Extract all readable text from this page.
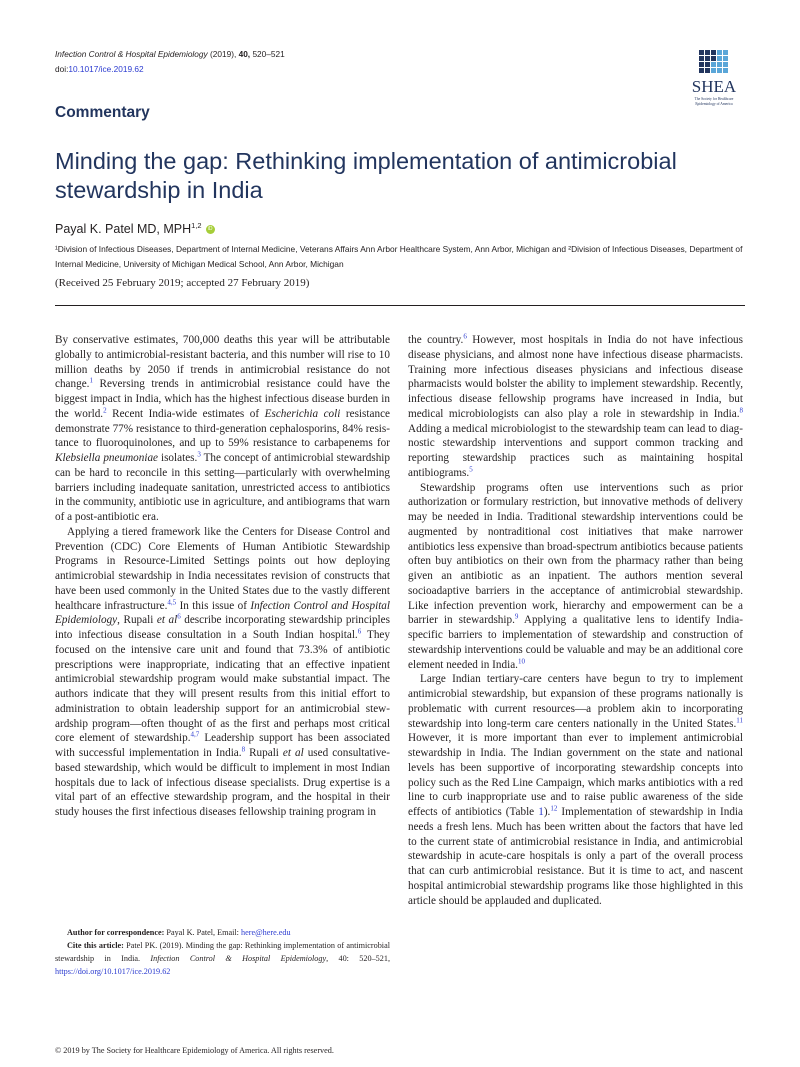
Infection Control & Hospital Epidemiology (2019), 40, 520–521
doi:10.1017/ice.2019.62
SHEA
The Society for Healthcare
Epidemiology of America
Commentary
Minding the gap: Rethinking implementation of antimicrobial stewardship in India
Payal K. Patel MD, MPH$^{1,2}$ iD
¹Division of Infectious Diseases, Department of Internal Medicine, Veterans Affairs Ann Arbor Healthcare System, Ann Arbor, Michigan and ²Division of Infectious Diseases, Department of Internal Medicine, University of Michigan Medical School, Ann Arbor, Michigan
(Received 25 February 2019; accepted 27 February 2019)

By conservative estimates, 700,000 deaths this year will be attributable globally to antimicrobial-resistant bacteria, and this number will rise to 10 million deaths by 2050 if trends in antimicrobial resistance do not change.$^1$ Reversing trends in antimicrobial resistance could have the biggest impact in India, which has the highest infectious disease burden in the world.$^2$ Recent India-wide estimates of Escherichia coli resistance demonstrate 77% resistance to third-generation cephalosporins, 84% resistance to fluoroquinolones, and up to 59% resistance to carbapenems for Klebsiella pneumoniae isolates.$^3$ The concept of antimicrobial stewardship can be hard to reconcile in this setting—particularly with overwhelming barriers including inadequate sanitation, unrestricted access to antibiotics in the community, antibiotic use in agriculture, and antibiograms that warn of a post-antibiotic era.

Applying a tiered framework like the Centers for Disease Control and Prevention (CDC) Core Elements of Human Antibiotic Stewardship Programs in Resource-Limited Settings points out how deploying antimicrobial stewardship in India necessitates revision of constructs that have been used commonly in the United States due to the vastly different healthcare infrastructure.$^{4,5}$ In this issue of Infection Control and Hospital Epidemiology, Rupali et $al^6$ describe incorporating stewardship principles into infectious disease consultation in a South Indian hospital.$^6$ They focused on the intensive care unit and found that 73.3% of antibiotic prescriptions were inappropriate, indicating that an effective inpatient antimicrobial stewardship program would make substantial impact. The authors indicate that they will present results from this initial effort to administration to obtain leadership support for an antimicrobial stewardship program—often thought of as the first and perhaps most critical core element of stewardship.$^{4,7}$ Leadership support has been associated with successful implementation in India.$^8$ Rupali et al used consultative-based stewardship, which would be difficult to implement in most Indian hospitals due to lack of infectious disease specialists. Drug expertise is a vital part of an effective stewardship program, and the hospital in their study houses the first infectious diseases fellowship training program in

the country.$^6$ However, most hospitals in India do not have infectious disease physicians, and almost none have infectious disease pharmacists. Training more infectious diseases physicians and infectious disease pharmacists would bolster the ability to implement stewardship. Recently, infectious disease fellowship programs have increased in India, but medical microbiologists can also play a role in stewardship in India.$^8$ Adding a medical microbiologist to the stewardship team can lead to diagnostic stewardship interventions and support common tracking and reporting stewardship practices such as maintaining hospital antibiograms.$^5$

Stewardship programs often use interventions such as prior authorization or formulary restriction, but innovative methods of delivery may be needed in India. Traditional stewardship interventions could be augmented by nontraditional cost initiatives that make narrower antibiotics less expensive than broad-spectrum antibiotics because patients often buy antibiotics on their own from the pharmacy rather than being given an antibiotic as an inpatient. The authors mention several socioadaptive barriers in the acceptance of antimicrobial stewardship. Like infection prevention work, hierarchy and empowerment can be a barrier in stewardship.$^9$ Applying a qualitative lens to identify India-specific barriers to implementation of stewardship and construction of stewardship interventions could be valuable and may be an additional core element needed in India.$^{10}$

Large Indian tertiary-care centers have begun to try to implement antimicrobial stewardship, but expansion of these programs nationally is problematic with current resources—a problem akin to incorporating stewardship into long-term care centers nationally in the United States.$^{11}$ However, it is more important than ever to implement antimicrobial stewardship in India. The Indian government on the state and national levels has been supportive of incorporating stewardship concepts into policy such as the Red Line Campaign, which marks antibiotics with a red line to curb inappropriate use and to raise public awareness of the side effects of antibiotics (Table 1).$^{12}$ Implementation of stewardship in India needs a fresh lens. Much has been written about the factors that have led to the current state of antimicrobial resistance in India, and antimicrobial stewardship in acute-care hospitals is only a part of the overall process that can curb antimicrobial resistance. But it is time to act, and nascent hospital antimicrobial stewardship programs like those highlighted in this article should be applauded and duplicated.

Author for correspondence: Payal K. Patel, Email: here@here.edu

Cite this article: Patel PK. (2019). Minding the gap: Rethinking implementation of antimicrobial stewardship in India. Infection Control & Hospital Epidemiology, 40: 520–521, https://doi.org/10.1017/ice.2019.62

© 2019 by The Society for Healthcare Epidemiology of America. All rights reserved.
